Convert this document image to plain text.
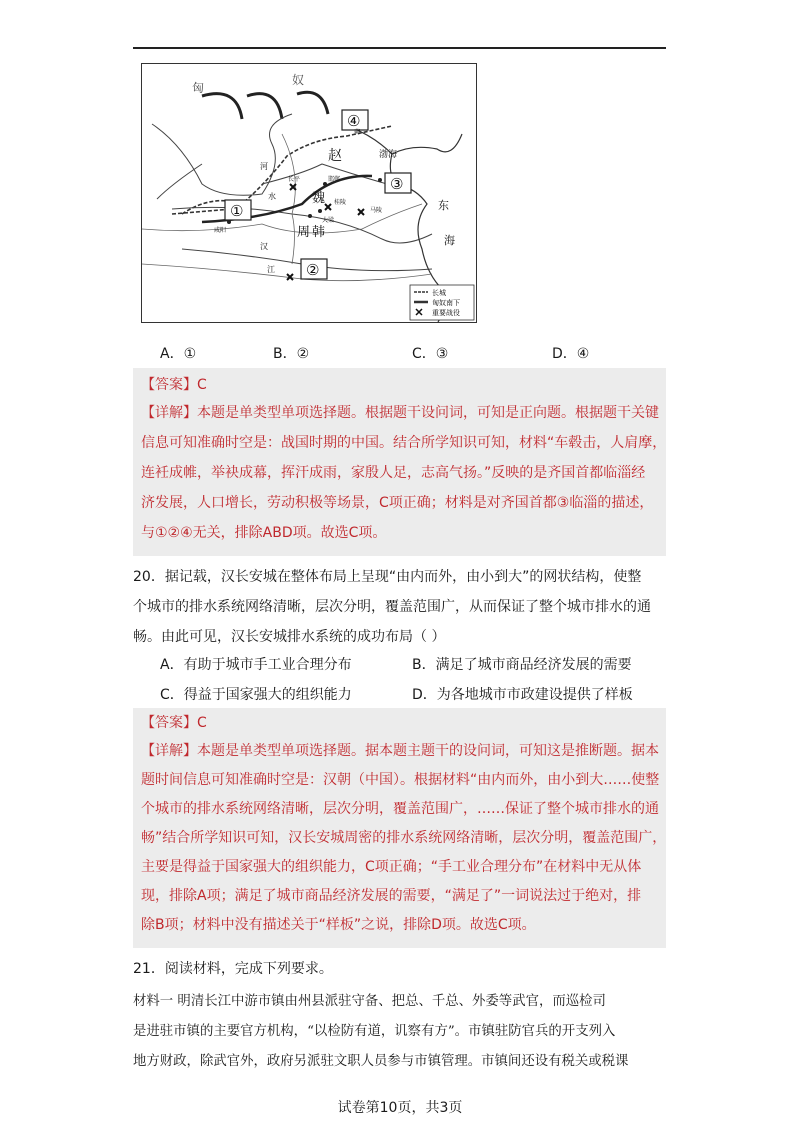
①
②
③
④
匈
奴
赵
魏
周 韩
渤海
东
海
河
水
江
汉
长平	邯郸
马陵
桂陵
大梁
咸阳
蓟
长城
匈奴南下
重要战役
A．①	B．②	C．③	D．④
【答案】C
【详解】本题是单类型单项选择题。根据题干设问词，可知是正向题。根据题干关键
信息可知准确时空是：战国时期的中国。结合所学知识可知，材料“车毂击，人肩摩，
连衽成帷，举袂成幕，挥汗成雨，家殷人足，志高气扬。”反映的是齐国首都临淄经
济发展，人口增长，劳动积极等场景，C项正确；材料是对齐国首都③临淄的描述，
与①②④无关，排除ABD项。故选C项。
20．据记载，汉长安城在整体布局上呈现“由内而外，由小到大”的网状结构，使整
个城市的排水系统网络清晰，层次分明，覆盖范围广，从而保证了整个城市排水的通
畅。由此可见，汉长安城排水系统的成功布局（ ）
A．有助于城市手工业合理分布	B．满足了城市商品经济发展的需要
C．得益于国家强大的组织能力	D．为各地城市市政建设提供了样板
【答案】C
【详解】本题是单类型单项选择题。据本题主题干的设问词，可知这是推断题。据本
题时间信息可知准确时空是：汉朝（中国）。根据材料“由内而外，由小到大……使整
个城市的排水系统网络清晰，层次分明，覆盖范围广，……保证了整个城市排水的通
畅”结合所学知识可知，汉长安城周密的排水系统网络清晰，层次分明，覆盖范围广，
主要是得益于国家强大的组织能力，C项正确；“手工业合理分布”在材料中无从体
现，排除A项；满足了城市商品经济发展的需要，“满足了”一词说法过于绝对，排
除B项；材料中没有描述关于“样板”之说，排除D项。故选C项。
21．阅读材料，完成下列要求。
材料一 明清长江中游市镇由州县派驻守备、把总、千总、外委等武官，而巡检司
是进驻市镇的主要官方机构，“以检防有道，讥察有方”。市镇驻防官兵的开支列入
地方财政，除武官外，政府另派驻文职人员参与市镇管理。市镇间还设有税关或税课
试卷第10页，共3页
